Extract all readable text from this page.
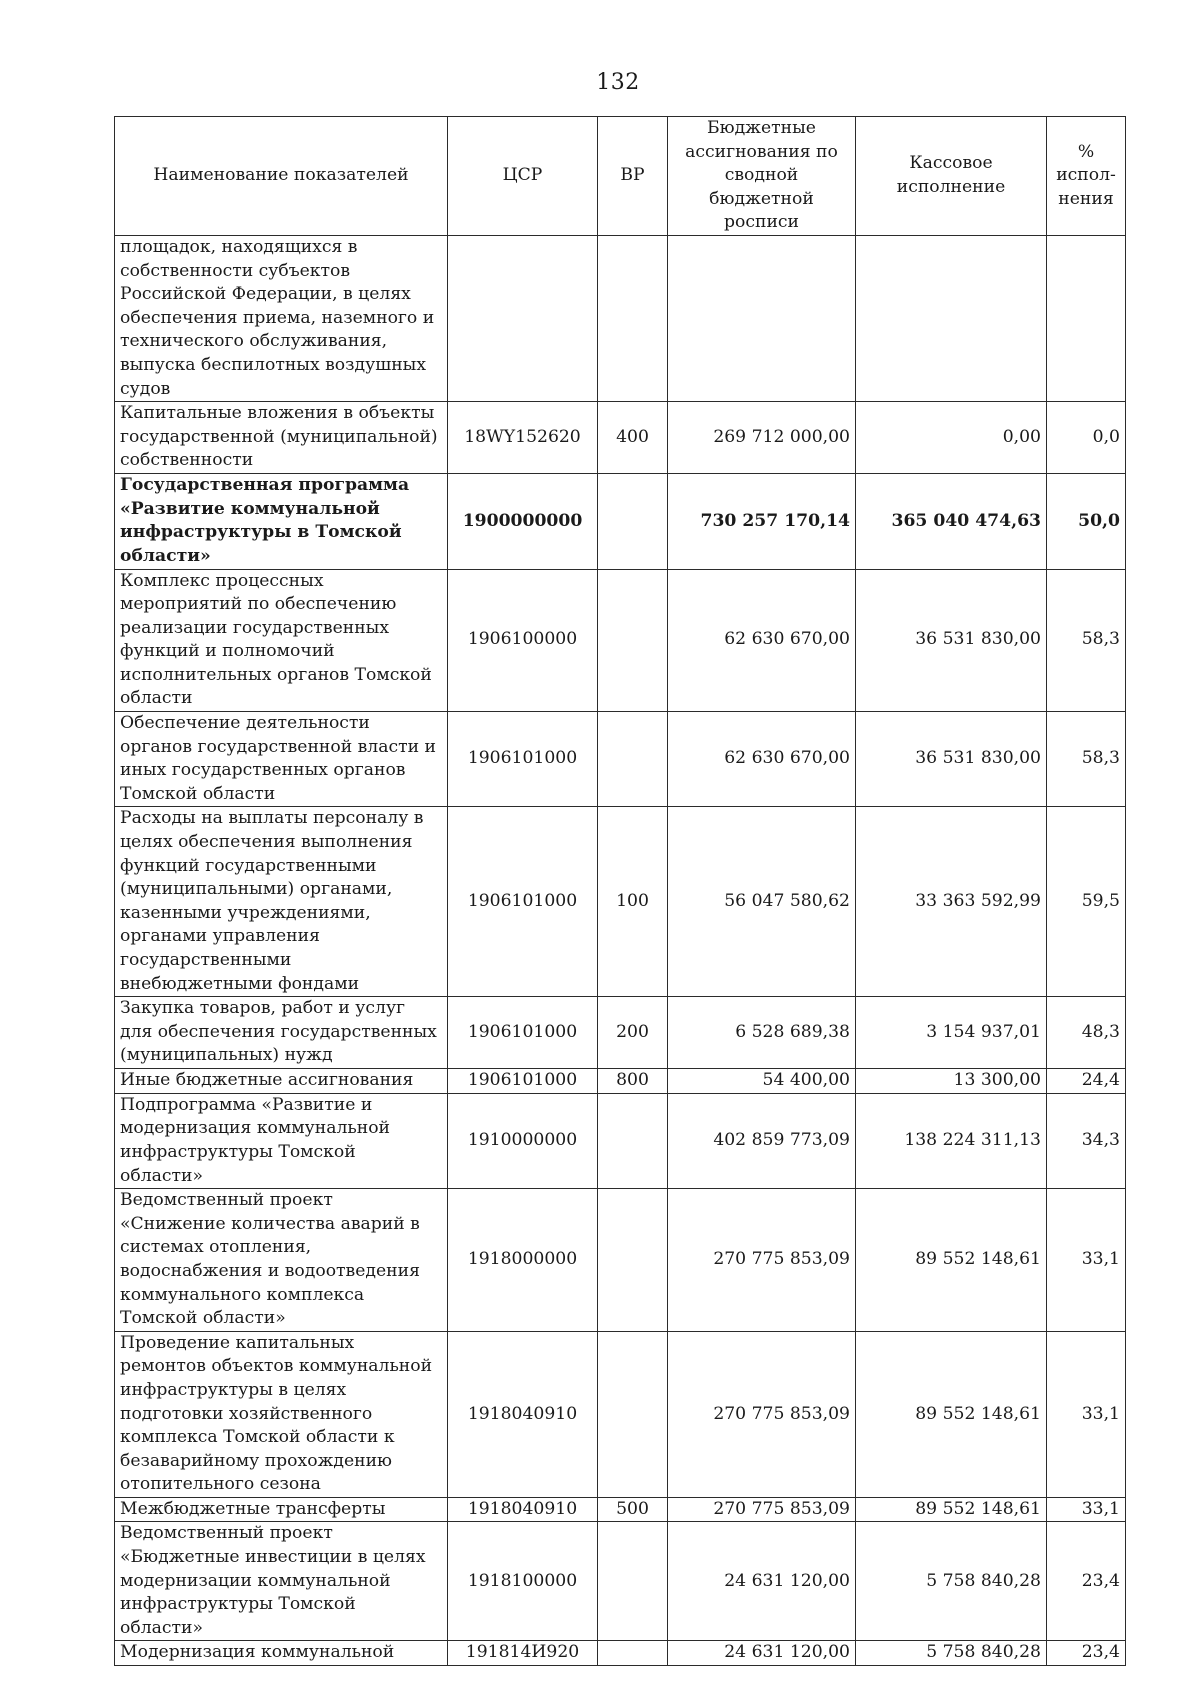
132
Наименование показателей	ЦСР	ВР	Бюджетные ассигнования по сводной бюджетной росписи	Кассовое исполнение	% испол-нения
площадок, находящихся в собственности субъектов Российской Федерации, в целях обеспечения приема, наземного и технического обслуживания, выпуска беспилотных воздушных судов					
Капитальные вложения в объекты государственной (муниципальной) собственности	18WY152620	400	269 712 000,00	0,00	0,0
Государственная программа «Развитие коммунальной инфраструктуры в Томской области»	1900000000		730 257 170,14	365 040 474,63	50,0
Комплекс процессных мероприятий по обеспечению реализации государственных функций и полномочий исполнительных органов Томской области	1906100000		62 630 670,00	36 531 830,00	58,3
Обеспечение деятельности органов государственной власти и иных государственных органов Томской области	1906101000		62 630 670,00	36 531 830,00	58,3
Расходы на выплаты персоналу в целях обеспечения выполнения функций государственными (муниципальными) органами, казенными учреждениями, органами управления государственными внебюджетными фондами	1906101000	100	56 047 580,62	33 363 592,99	59,5
Закупка товаров, работ и услуг для обеспечения государственных (муниципальных) нужд	1906101000	200	6 528 689,38	3 154 937,01	48,3
Иные бюджетные ассигнования	1906101000	800	54 400,00	13 300,00	24,4
Подпрограмма «Развитие и модернизация коммунальной инфраструктуры Томской области»	1910000000		402 859 773,09	138 224 311,13	34,3
Ведомственный проект «Снижение количества аварий в системах отопления, водоснабжения и водоотведения коммунального комплекса Томской области»	1918000000		270 775 853,09	89 552 148,61	33,1
Проведение капитальных ремонтов объектов коммунальной инфраструктуры в целях подготовки хозяйственного комплекса Томской области к безаварийному прохождению отопительного сезона	1918040910		270 775 853,09	89 552 148,61	33,1
Межбюджетные трансферты	1918040910	500	270 775 853,09	89 552 148,61	33,1
Ведомственный проект «Бюджетные инвестиции в целях модернизации коммунальной инфраструктуры Томской области»	1918100000		24 631 120,00	5 758 840,28	23,4
Модернизация коммунальной	191814И920		24 631 120,00	5 758 840,28	23,4
